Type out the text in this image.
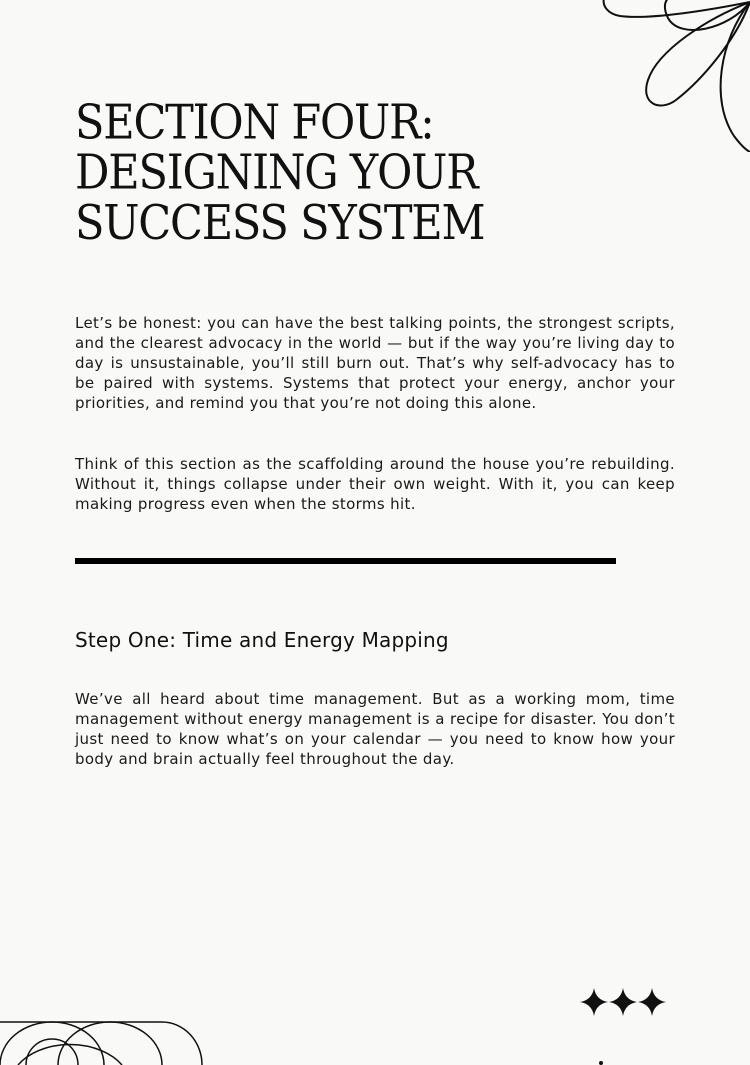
SECTION FOUR:
DESIGNING YOUR
SUCCESS SYSTEM

Let’s be honest: you can have the best talking points, the strongest scripts, and the clearest advocacy in the world — but if the way you’re living day to day is unsustainable, you’ll still burn out. That’s why self-advocacy has to be paired with systems. Systems that protect your energy, anchor your priorities, and remind you that you’re not doing this alone.

Think of this section as the scaffolding around the house you’re rebuilding. Without it, things collapse under their own weight. With it, you can keep making progress even when the storms hit.

Step One: Time and Energy Mapping

We’ve all heard about time management. But as a working mom, time management without energy management is a recipe for disaster. You don’t just need to know what’s on your calendar — you need to know how your body and brain actually feel throughout the day.
